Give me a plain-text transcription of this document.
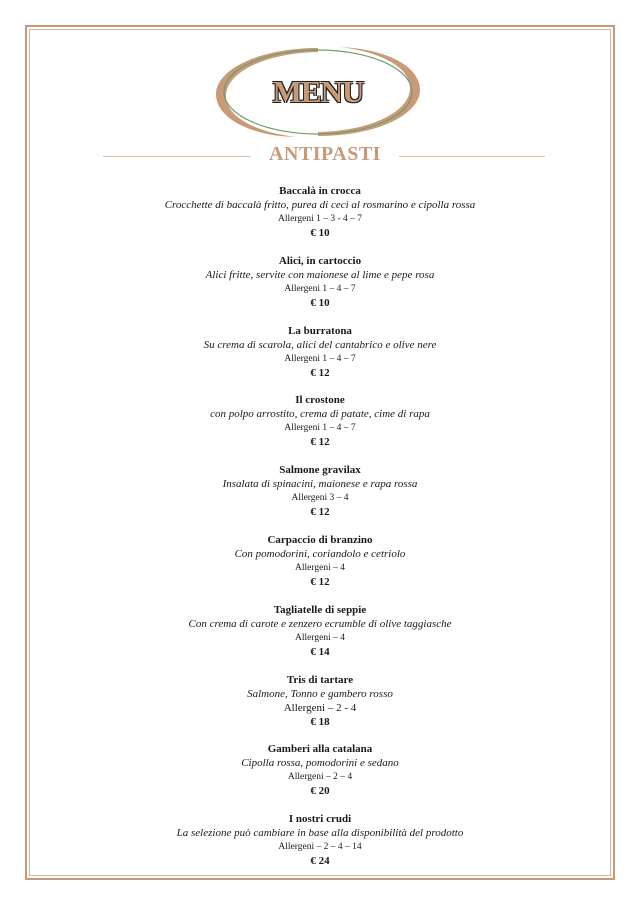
MENU
ANTIPASTI
Baccalà in crocca
Crocchette di baccalà fritto, purea di ceci al rosmarino e cipolla rossa
Allergeni 1 – 3 - 4 – 7
€ 10
Alici, in cartoccio
Alici fritte, servite con maionese al lime e pepe rosa
Allergeni 1 – 4 – 7
€ 10
La burratona
Su crema di scarola, alici del cantabrico e olive nere
Allergeni 1 – 4 – 7
€ 12
Il crostone
con polpo arrostito, crema di patate, cime di rapa
Allergeni 1 – 4 – 7
€ 12
Salmone gravilax
Insalata di spinacini, maionese e rapa rossa
Allergeni 3 – 4
€ 12
Carpaccio di branzino
Con pomodorini, coriandolo e cetriolo
Allergeni – 4
€ 12
Tagliatelle di seppie
Con crema di carote e zenzero ecrumble di olive taggiasche
Allergeni – 4
€ 14
Tris di tartare
Salmone, Tonno e gambero rosso
Allergeni – 2 - 4
€ 18
Gamberi alla catalana
Cipolla rossa, pomodorini e sedano
Allergeni – 2 – 4
€ 20
I nostri crudi
La selezione può cambiare in base alla disponibilità del prodotto
Allergeni – 2 – 4 – 14
€ 24
